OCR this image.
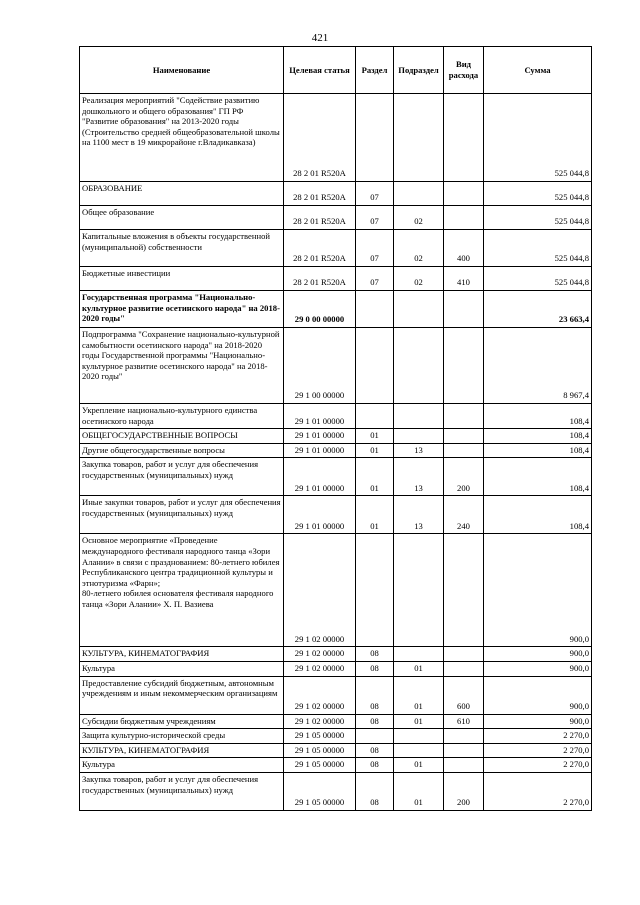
421
Наименование	Целевая статья	Раздел	Подраздел	Вид расхода	Сумма
Реализация мероприятий "Содействие развитию дошкольного и общего образования" ГП РФ "Развитие образования" на 2013-2020 годы (Строительство средней общеобразовательной школы на 1100 мест в 19 микрорайоне г.Владикавказа)	28 2 01 R520A				525 044,8
ОБРАЗОВАНИЕ	28 2 01 R520A	07			525 044,8
Общее образование	28 2 01 R520A	07	02		525 044,8
Капитальные вложения в объекты государственной (муниципальной) собственности	28 2 01 R520A	07	02	400	525 044,8
Бюджетные инвестиции	28 2 01 R520A	07	02	410	525 044,8
Государственная программа "Национально-культурное развитие осетинского народа" на 2018-2020 годы"	29 0 00 00000				23 663,4
Подпрограмма "Сохранение национально-культурной самобытности осетинского народа" на 2018-2020 годы Государственной программы "Национально-культурное развитие осетинского народа" на 2018-2020 годы"	29 1 00 00000				8 967,4
Укрепление национально-культурного единства осетинского народа	29 1 01 00000				108,4
ОБЩЕГОСУДАРСТВЕННЫЕ ВОПРОСЫ	29 1 01 00000	01			108,4
Другие общегосударственные вопросы	29 1 01 00000	01	13		108,4
Закупка товаров, работ и услуг для обеспечения государственных (муниципальных) нужд	29 1 01 00000	01	13	200	108,4
Иные закупки товаров, работ и услуг для обеспечения государственных (муниципальных) нужд	29 1 01 00000	01	13	240	108,4
Основное мероприятие «Проведение международного фестиваля народного танца «Зори Алании» в связи с празднованием: 80-летнего юбилея Республиканского центра традиционной культуры и этнотуризма «Фарн»;
80-летнего юбилея основателя фестиваля народного танца «Зори Алании» Х. П. Вазиева	29 1 02 00000				900,0
КУЛЬТУРА, КИНЕМАТОГРАФИЯ	29 1 02 00000	08			900,0
Культура	29 1 02 00000	08	01		900,0
Предоставление субсидий бюджетным, автономным учреждениям и иным некоммерческим организациям	29 1 02 00000	08	01	600	900,0
Субсидии бюджетным учреждениям	29 1 02 00000	08	01	610	900,0
Защита культурно-исторической среды	29 1 05 00000				2 270,0
КУЛЬТУРА, КИНЕМАТОГРАФИЯ	29 1 05 00000	08			2 270,0
Культура	29 1 05 00000	08	01		2 270,0
Закупка товаров, работ и услуг для обеспечения государственных (муниципальных) нужд	29 1 05 00000	08	01	200	2 270,0
